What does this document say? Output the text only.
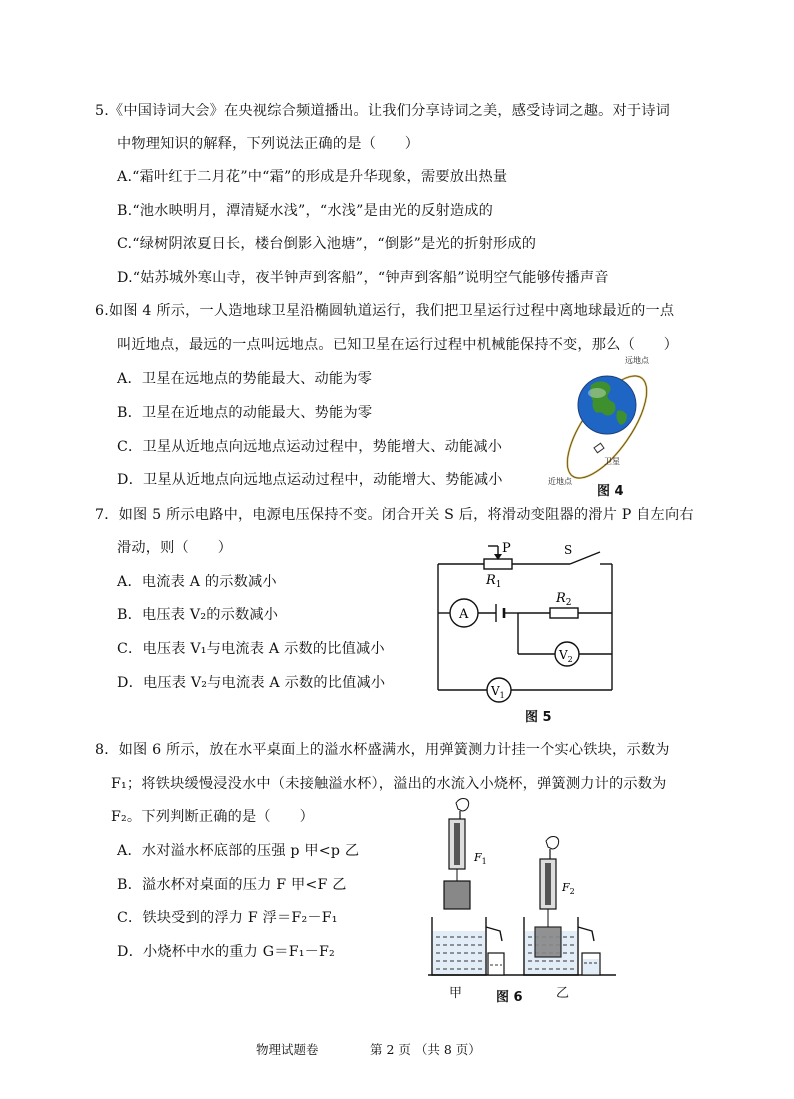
5.《中国诗词大会》在央视综合频道播出。让我们分享诗词之美，感受诗词之趣。对于诗词
中物理知识的解释，下列说法正确的是（　　）
A.“霜叶红于二月花”中“霜”的形成是升华现象，需要放出热量
B.“池水映明月，潭清疑水浅”，“水浅”是由光的反射造成的
C.“绿树阴浓夏日长，楼台倒影入池塘”，“倒影”是光的折射形成的
D.“姑苏城外寒山寺，夜半钟声到客船”，“钟声到客船”说明空气能够传播声音
6.如图 4 所示，一人造地球卫星沿椭圆轨道运行，我们把卫星运行过程中离地球最近的一点
叫近地点，最远的一点叫远地点。已知卫星在运行过程中机械能保持不变，那么（　　）
A．卫星在远地点的势能最大、动能为零
B．卫星在近地点的动能最大、势能为零
C．卫星从近地点向远地点运动过程中，势能增大、动能减小
D．卫星从近地点向远地点运动过程中，动能增大、势能减小
远地点
卫星
近地点
图 4
7．如图 5 所示电路中，电源电压保持不变。闭合开关 S 后，将滑动变阻器的滑片 P 自左向右
滑动，则（　　）
A．电流表 A 的示数减小
B．电压表 V₂的示数减小
C．电压表 V₁与电流表 A 示数的比值减小
D．电压表 V₂与电流表 A 示数的比值减小
P	S
$R_1$
$R_2$
A
$V_2$
$V_1$
图 5
8．如图 6 所示，放在水平桌面上的溢水杯盛满水，用弹簧测力计挂一个实心铁块，示数为
F₁；将铁块缓慢浸没水中（未接触溢水杯），溢出的水流入小烧杯，弹簧测力计的示数为
F₂。下列判断正确的是（　　）
A．水对溢水杯底部的压强 p 甲<p 乙
B．溢水杯对桌面的压力 F 甲<F 乙
C．铁块受到的浮力 F 浮＝F₂－F₁
D．小烧杯中水的重力 G＝F₁－F₂
$F_1$
$F_2$
甲	图 6	乙
物理试题卷	第 2 页 （共 8 页）
